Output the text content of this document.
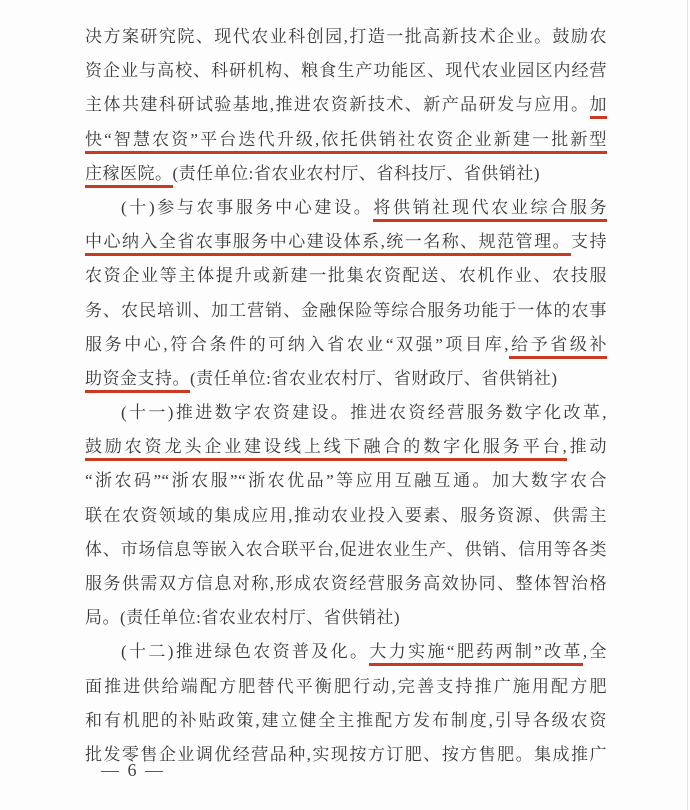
决方案研究院、现代农业科创园,打造一批高新技术企业。鼓励农
资企业与高校、科研机构、粮食生产功能区、现代农业园区内经营
主体共建科研试验基地,推进农资新技术、新产品研发与应用。加
快“智慧农资”平台迭代升级,依托供销社农资企业新建一批新型
庄稼医院。(责任单位:省农业农村厅、省科技厅、省供销社)
(十)参与农事服务中心建设。将供销社现代农业综合服务
中心纳入全省农事服务中心建设体系,统一名称、规范管理。支持
农资企业等主体提升或新建一批集农资配送、农机作业、农技服
务、农民培训、加工营销、金融保险等综合服务功能于一体的农事
服务中心,符合条件的可纳入省农业“双强”项目库,给予省级补
助资金支持。(责任单位:省农业农村厅、省财政厅、省供销社)
(十一)推进数字农资建设。推进农资经营服务数字化改革,
鼓励农资龙头企业建设线上线下融合的数字化服务平台,推动
“浙农码”“浙农服”“浙农优品”等应用互融互通。加大数字农合
联在农资领域的集成应用,推动农业投入要素、服务资源、供需主
体、市场信息等嵌入农合联平台,促进农业生产、供销、信用等各类
服务供需双方信息对称,形成农资经营服务高效协同、整体智治格
局。(责任单位:省农业农村厅、省供销社)
(十二)推进绿色农资普及化。大力实施“肥药两制”改革,全
面推进供给端配方肥替代平衡肥行动,完善支持推广施用配方肥
和有机肥的补贴政策,建立健全主推配方发布制度,引导各级农资
批发零售企业调优经营品种,实现按方订肥、按方售肥。集成推广
— 6 —
